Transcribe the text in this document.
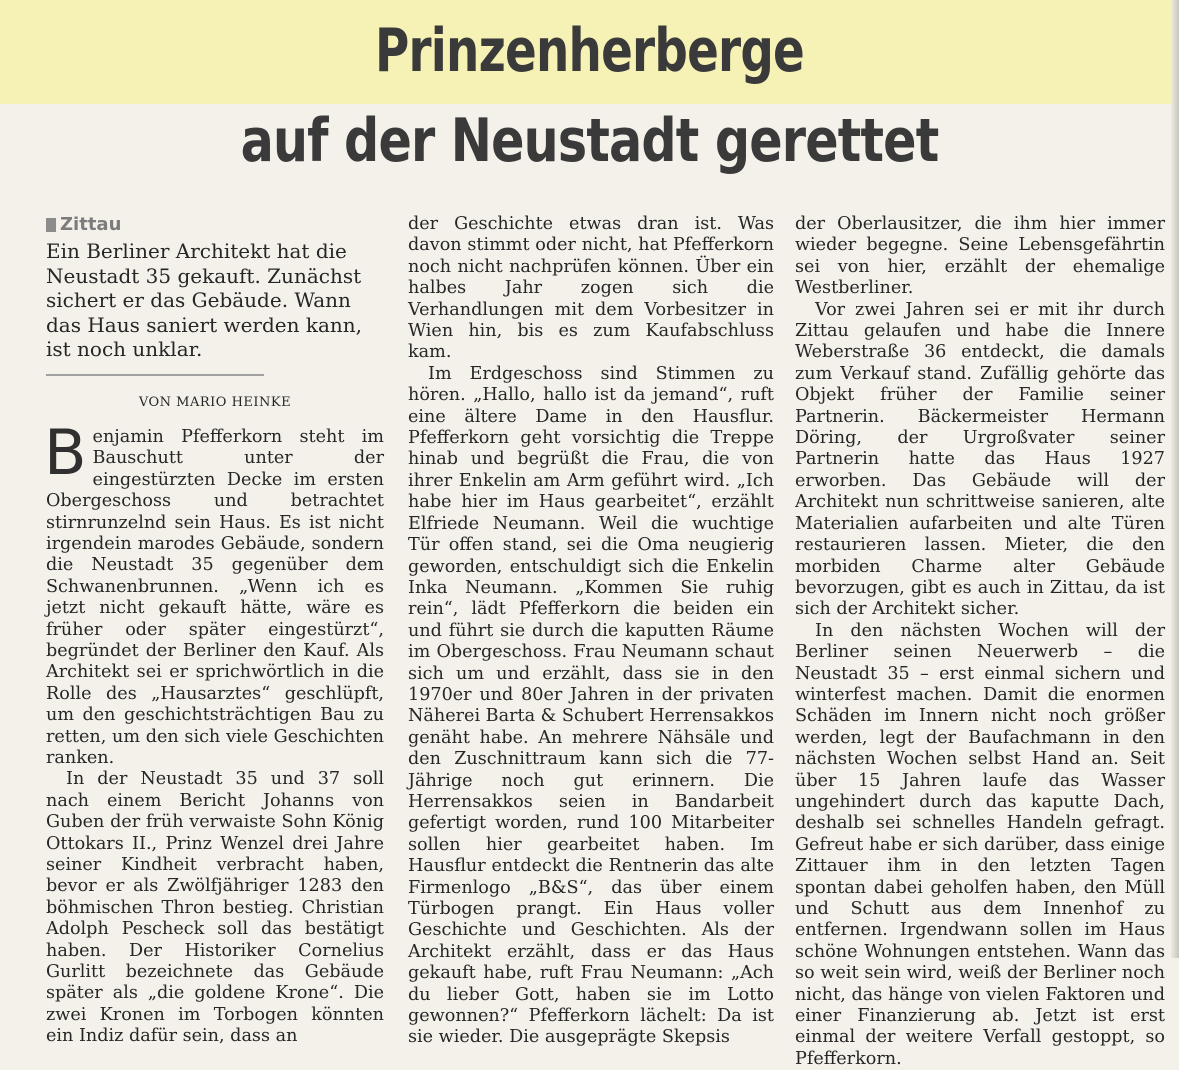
Prinzenherberge
auf der Neustadt gerettet
Zittau
Ein Berliner Architekt hat die Neustadt 35 gekauft. Zunächst sichert er das Gebäude. Wann das Haus saniert werden kann, ist noch unklar.
VON MARIO HEINKE

Benjamin Pfefferkorn steht im Bauschutt unter der eingestürzten Decke im ersten Obergeschoss und betrachtet stirnrunzelnd sein Haus. Es ist nicht irgendein marodes Gebäude, sondern die Neustadt 35 gegenüber dem Schwanenbrunnen. „Wenn ich es jetzt nicht gekauft hätte, wäre es früher oder später eingestürzt“, begründet der Berliner den Kauf. Als Architekt sei er sprichwörtlich in die Rolle des „Hausarztes“ geschlüpft, um den geschichtsträchtigen Bau zu retten, um den sich viele Geschichten ranken.

In der Neustadt 35 und 37 soll nach einem Bericht Johanns von Guben der früh verwaiste Sohn König Ottokars II., Prinz Wenzel drei Jahre seiner Kindheit verbracht haben, bevor er als Zwölfjähriger 1283 den böhmischen Thron bestieg. Christian Adolph Pescheck soll das bestätigt haben. Der Historiker Cornelius Gurlitt bezeichnete das Gebäude später als „die goldene Krone“. Die zwei Kronen im Torbogen könnten ein Indiz dafür sein, dass an

der Geschichte etwas dran ist. Was davon stimmt oder nicht, hat Pfefferkorn noch nicht nachprüfen können. Über ein halbes Jahr zogen sich die Verhandlungen mit dem Vorbesitzer in Wien hin, bis es zum Kaufabschluss kam.

Im Erdgeschoss sind Stimmen zu hören. „Hallo, hallo ist da jemand“, ruft eine ältere Dame in den Hausflur. Pfefferkorn geht vorsichtig die Treppe hinab und begrüßt die Frau, die von ihrer Enkelin am Arm geführt wird. „Ich habe hier im Haus gearbeitet“, erzählt Elfriede Neumann. Weil die wuchtige Tür offen stand, sei die Oma neugierig geworden, entschuldigt sich die Enkelin Inka Neumann. „Kommen Sie ruhig rein“, lädt Pfefferkorn die beiden ein und führt sie durch die kaputten Räume im Obergeschoss. Frau Neumann schaut sich um und erzählt, dass sie in den 1970er und 80er Jahren in der privaten Näherei Barta & Schubert Herrensakkos genäht habe. An mehrere Nähsäle und den Zuschnittraum kann sich die 77-Jährige noch gut erinnern. Die Herrensakkos seien in Bandarbeit gefertigt worden, rund 100 Mitarbeiter sollen hier gearbeitet haben. Im Hausflur entdeckt die Rentnerin das alte Firmenlogo „B&S“, das über einem Türbogen prangt. Ein Haus voller Geschichte und Geschichten. Als der Architekt erzählt, dass er das Haus gekauft habe, ruft Frau Neumann: „Ach du lieber Gott, haben sie im Lotto gewonnen?“ Pfefferkorn lächelt: Da ist sie wieder. Die ausgeprägte Skepsis

der Oberlausitzer, die ihm hier immer wieder begegne. Seine Lebensgefährtin sei von hier, erzählt der ehemalige Westberliner.

Vor zwei Jahren sei er mit ihr durch Zittau gelaufen und habe die Innere Weberstraße 36 entdeckt, die damals zum Verkauf stand. Zufällig gehörte das Objekt früher der Familie seiner Partnerin. Bäckermeister Hermann Döring, der Urgroßvater seiner Partnerin hatte das Haus 1927 erworben. Das Gebäude will der Architekt nun schrittweise sanieren, alte Materialien aufarbeiten und alte Türen restaurieren lassen. Mieter, die den morbiden Charme alter Gebäude bevorzugen, gibt es auch in Zittau, da ist sich der Architekt sicher.

In den nächsten Wochen will der Berliner seinen Neuerwerb – die Neustadt 35 – erst einmal sichern und winterfest machen. Damit die enormen Schäden im Innern nicht noch größer werden, legt der Baufachmann in den nächsten Wochen selbst Hand an. Seit über 15 Jahren laufe das Wasser ungehindert durch das kaputte Dach, deshalb sei schnelles Handeln gefragt. Gefreut habe er sich darüber, dass einige Zittauer ihm in den letzten Tagen spontan dabei geholfen haben, den Müll und Schutt aus dem Innenhof zu entfernen. Irgendwann sollen im Haus schöne Wohnungen entstehen. Wann das so weit sein wird, weiß der Berliner noch nicht, das hänge von vielen Faktoren und einer Finanzierung ab. Jetzt ist erst einmal der weitere Verfall gestoppt, so Pfefferkorn.
